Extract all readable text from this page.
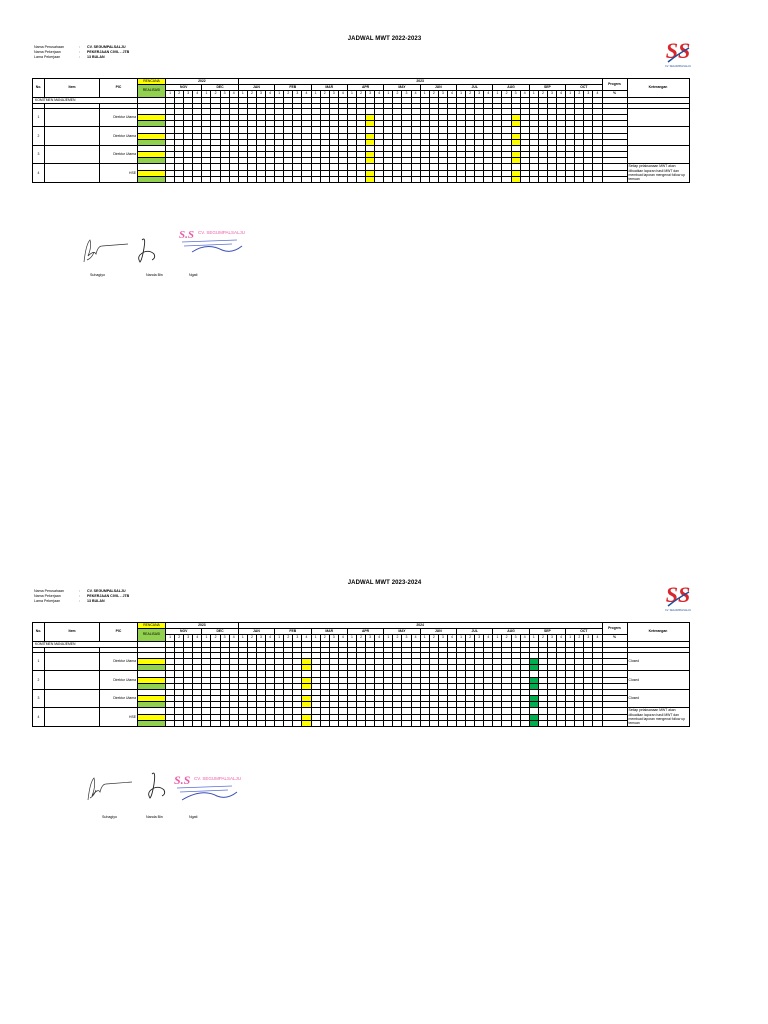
JADWAL MWT 2022-2023
Nama Perusahaan	:	CV. SEGUMPALSALJU
Nama Pekerjaan	:	PEKERJAAN CIVIL - JTB
Lama Pekerjaan	:	13 BULAN	SS
CV. SEGUMPALSALJU
No.	Item	PIC	RENCANA	2022								2023																																								Progres	Keterangan
			REALISASI	NOV				DEC				JAN				FEB				MAR				APR				MAY				JUN				JUL				AUG				SEP				OCT					
				1	2	3	4	1	2	3	4	1	2	3	4	1	2	3	4	1	2	3	4	1	2	3	4	1	2	3	4	1	2	3	4	1	2	3	4	1	2	3	4	1	2	3	4	1	2	3	4	%	
KOMITMEN MANAJEMEN																																																					

1		Direktur Utama																																																			

2		Direktur Utama																																																			

3		Direktur Utama																																																			

4		HSE																																																			Setiap pelaksanaan MWT akan dibuatkan laporan hasil MWT dan membuat laporan mengenai follow up temuan

S.S CV. SEGUMPALSALJU
Suhagiyo	Nanda Bin	Ngati
JADWAL MWT 2023-2024
Nama Perusahaan	:	CV. SEGUMPALSALJU
Nama Pekerjaan	:	PEKERJAAN CIVIL - JTB
Lama Pekerjaan	:	13 BULAN	SS
CV. SEGUMPALSALJU
No.	Item	PIC	RENCANA	2023								2024																																								Progres	Keterangan
			REALISASI	NOV				DEC				JAN				FEB				MAR				APR				MAY				JUN				JUL				AUG				SEP				OCT					
				1	2	3	4	1	2	3	4	1	2	3	4	1	2	3	4	1	2	3	4	1	2	3	4	1	2	3	4	1	2	3	4	1	2	3	4	1	2	3	4	1	2	3	4	1	2	3	4	%	
KOMITMEN MANAJEMEN																																																					

1		Direktur Utama																																																			Closed

2		Direktur Utama																																																			Closed

3		Direktur Utama																																																			Closed

4		HSE																																																			Setiap pelaksanaan MWT akan dibuatkan laporan hasil MWT dan membuat laporan mengenai follow up temuan

S.S CV. SEGUMPALSALJU
Suhagiyo	Nanda Bin	Ngati
